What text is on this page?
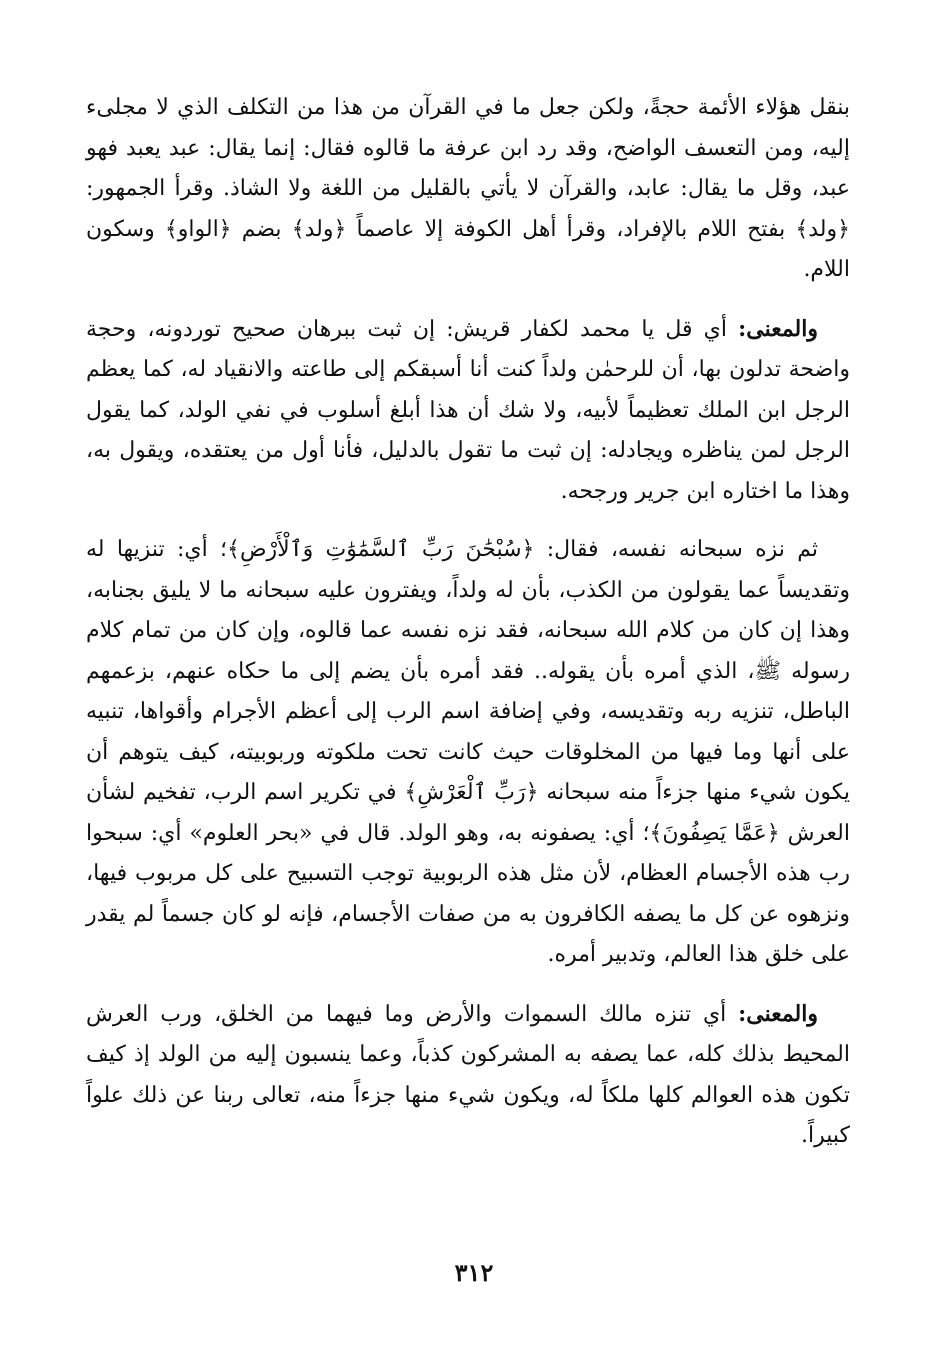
بنقل هؤلاء الأئمة حجةً، ولكن جعل ما في القرآن من هذا من التكلف الذي لا مجلىء إليه، ومن التعسف الواضح، وقد رد ابن عرفة ما قالوه فقال: إنما يقال: عبد يعبد فهو عبد، وقل ما يقال: عابد، والقرآن لا يأتي بالقليل من اللغة ولا الشاذ. وقرأ الجمهور: ﴿ولد﴾ بفتح اللام بالإفراد، وقرأ أهل الكوفة إلا عاصماً ﴿ولد﴾ بضم ﴿الواو﴾ وسكون اللام.

والمعنى: أي قل يا محمد لكفار قريش: إن ثبت ببرهان صحيح توردونه، وحجة واضحة تدلون بها، أن للرحمٰن ولداً كنت أنا أسبقكم إلى طاعته والانقياد له، كما يعظم الرجل ابن الملك تعظيماً لأبيه، ولا شك أن هذا أبلغ أسلوب في نفي الولد، كما يقول الرجل لمن يناظره ويجادله: إن ثبت ما تقول بالدليل، فأنا أول من يعتقده، ويقول به، وهذا ما اختاره ابن جرير ورجحه.

ثم نزه سبحانه نفسه، فقال: ﴿سُبْحَٰنَ رَبِّ ٱلسَّمَٰوَٰتِ وَٱلْأَرْضِ﴾؛ أي: تنزيها له وتقديساً عما يقولون من الكذب، بأن له ولداً، ويفترون عليه سبحانه ما لا يليق بجنابه، وهذا إن كان من كلام الله سبحانه، فقد نزه نفسه عما قالوه، وإن كان من تمام كلام رسوله ﷺ، الذي أمره بأن يقوله.. فقد أمره بأن يضم إلى ما حكاه عنهم، بزعمهم الباطل، تنزيه ربه وتقديسه، وفي إضافة اسم الرب إلى أعظم الأجرام وأقواها، تنبيه على أنها وما فيها من المخلوقات حيث كانت تحت ملكوته وربوبيته، كيف يتوهم أن يكون شيء منها جزءاً منه سبحانه ﴿رَبِّ ٱلْعَرْشِ﴾ في تكرير اسم الرب، تفخيم لشأن العرش ﴿عَمَّا يَصِفُونَ﴾؛ أي: يصفونه به، وهو الولد. قال في «بحر العلوم» أي: سبحوا رب هذه الأجسام العظام، لأن مثل هذه الربوبية توجب التسبيح على كل مربوب فيها، ونزهوه عن كل ما يصفه الكافرون به من صفات الأجسام، فإنه لو كان جسماً لم يقدر على خلق هذا العالم، وتدبير أمره.

والمعنى: أي تنزه مالك السموات والأرض وما فيهما من الخلق، ورب العرش المحيط بذلك كله، عما يصفه به المشركون كذباً، وعما ينسبون إليه من الولد إذ كيف تكون هذه العوالم كلها ملكاً له، ويكون شيء منها جزءاً منه، تعالى ربنا عن ذلك علواً كبيراً.

٣١٢
